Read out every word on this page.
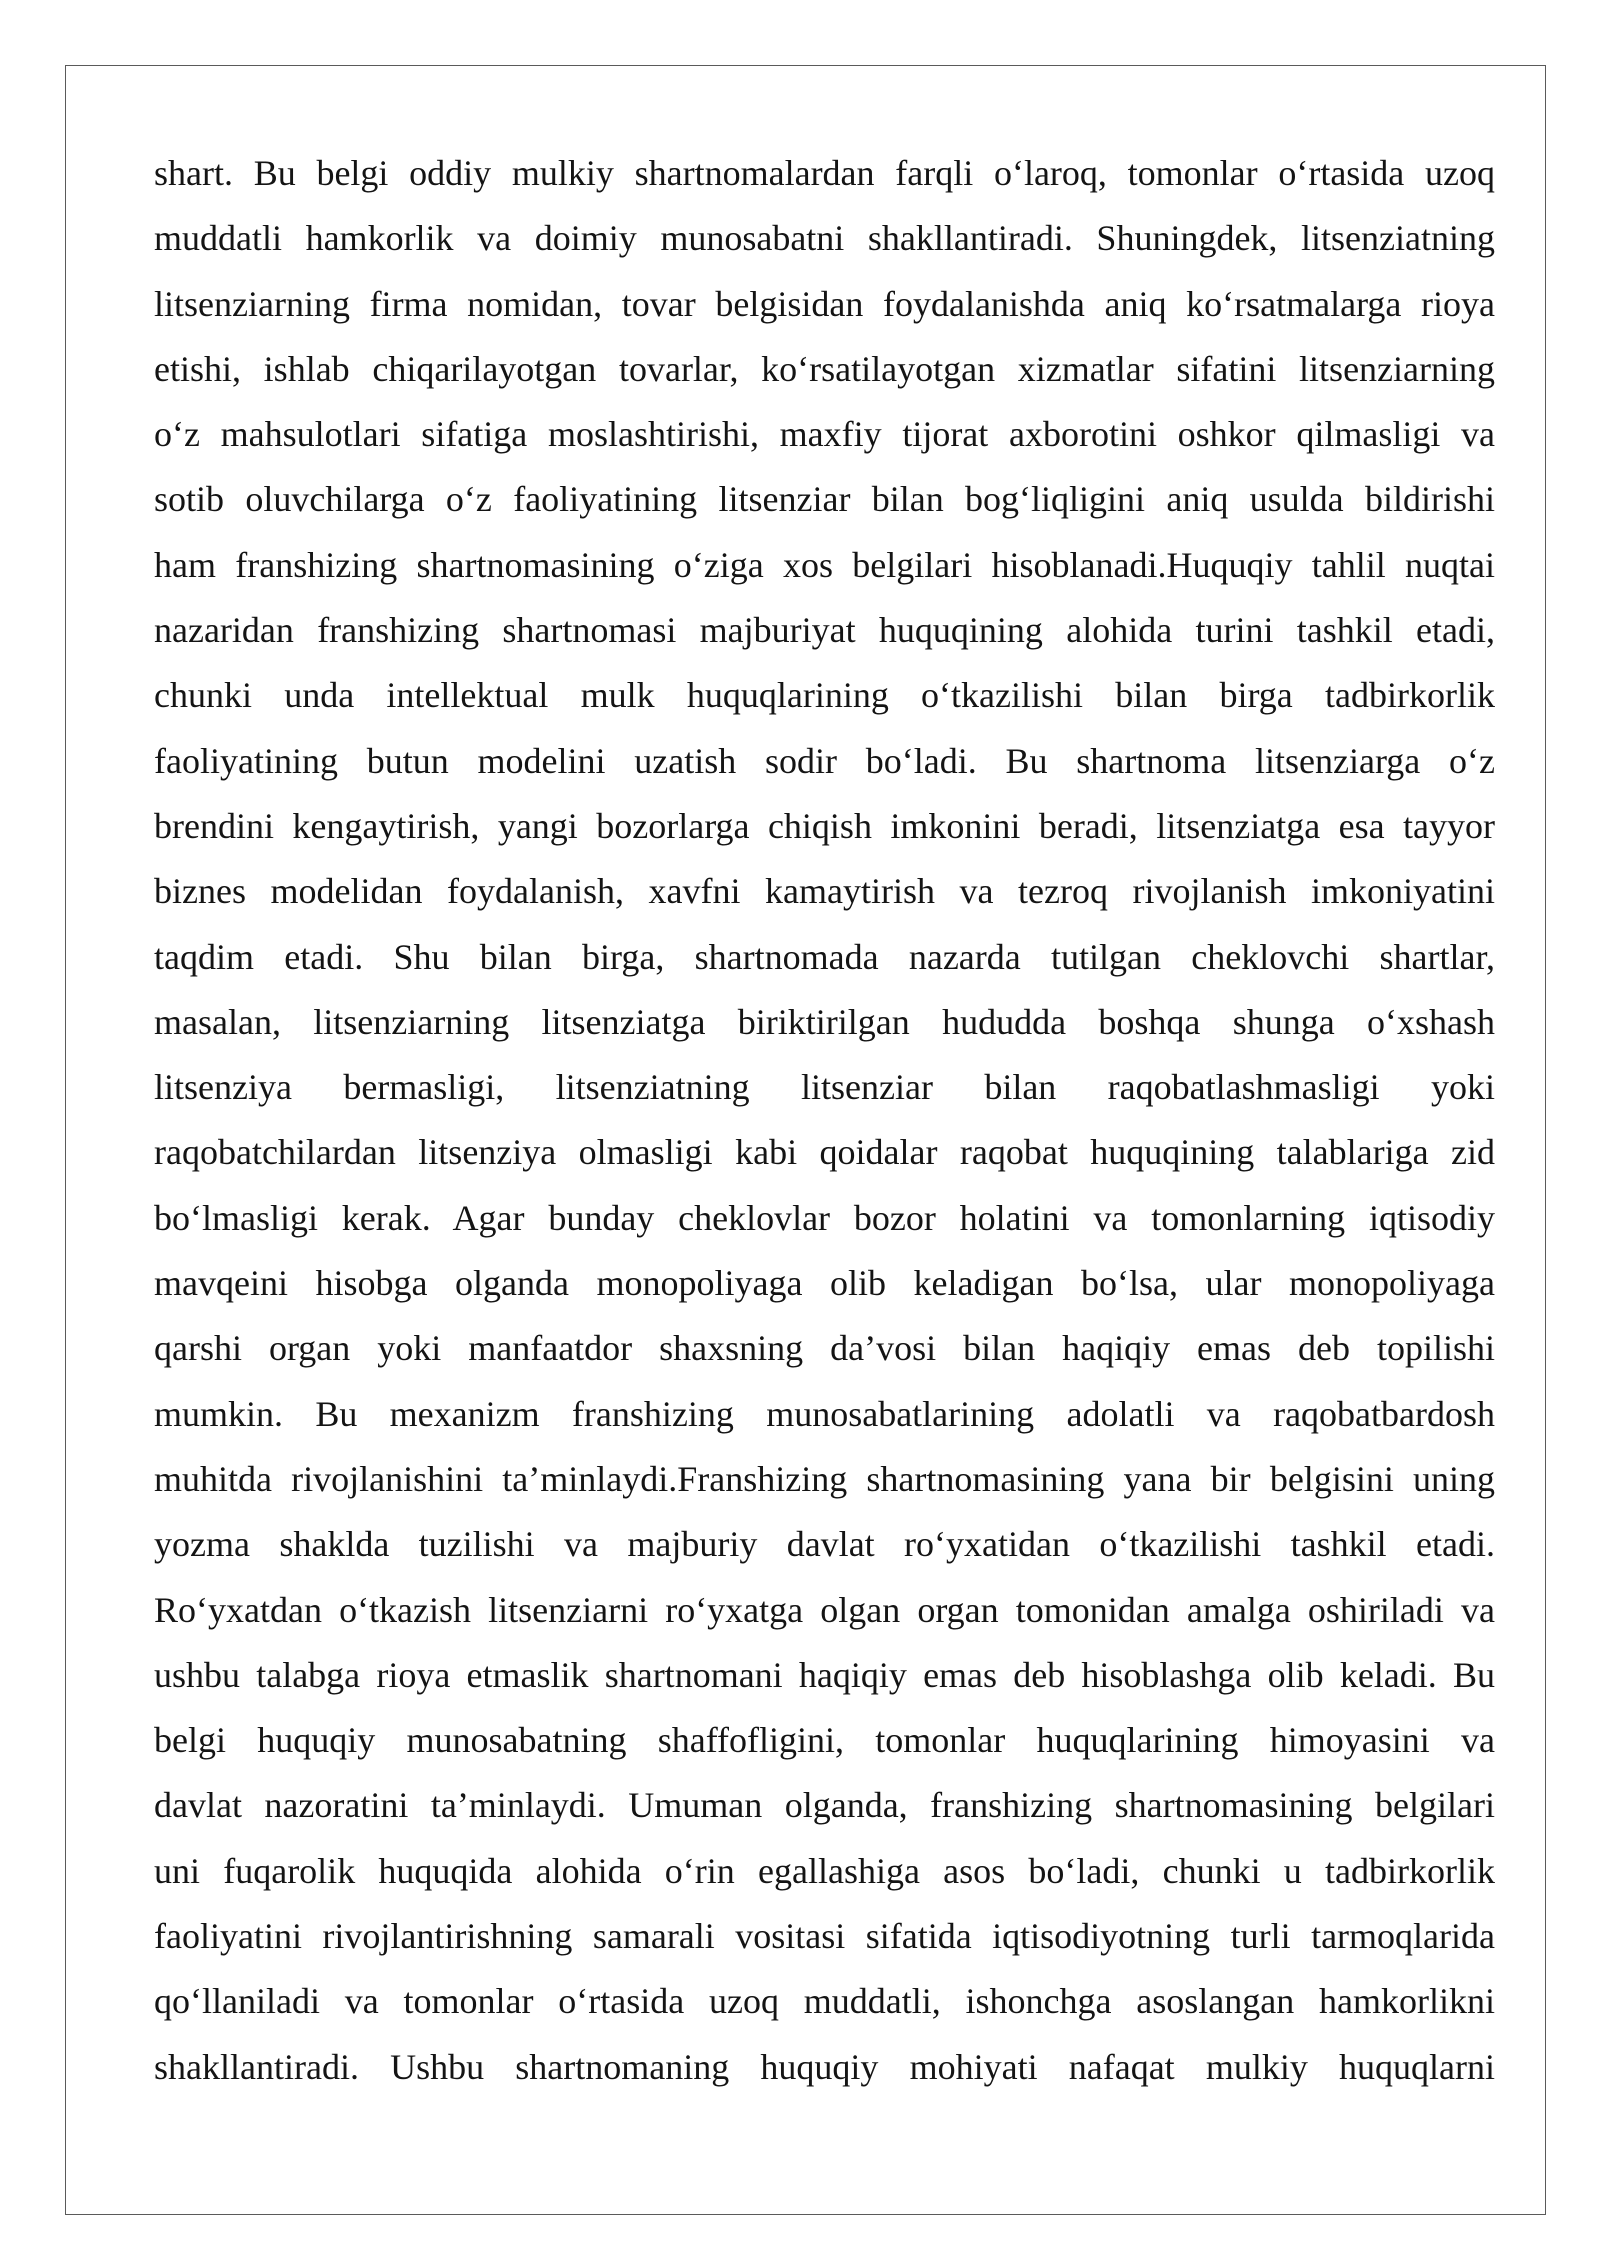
shart. Bu belgi oddiy mulkiy shartnomalardan farqli o‘laroq, tomonlar o‘rtasida uzoq
muddatli hamkorlik va doimiy munosabatni shakllantiradi. Shuningdek, litsenziatning
litsenziarning firma nomidan, tovar belgisidan foydalanishda aniq ko‘rsatmalarga rioya
etishi, ishlab chiqarilayotgan tovarlar, ko‘rsatilayotgan xizmatlar sifatini litsenziarning
o‘z mahsulotlari sifatiga moslashtirishi, maxfiy tijorat axborotini oshkor qilmasligi va
sotib oluvchilarga o‘z faoliyatining litsenziar bilan bog‘liqligini aniq usulda bildirishi
ham franshizing shartnomasining o‘ziga xos belgilari hisoblanadi.Huquqiy tahlil nuqtai
nazaridan franshizing shartnomasi majburiyat huquqining alohida turini tashkil etadi,
chunki unda intellektual mulk huquqlarining o‘tkazilishi bilan birga tadbirkorlik
faoliyatining butun modelini uzatish sodir bo‘ladi. Bu shartnoma litsenziarga o‘z
brendini kengaytirish, yangi bozorlarga chiqish imkonini beradi, litsenziatga esa tayyor
biznes modelidan foydalanish, xavfni kamaytirish va tezroq rivojlanish imkoniyatini
taqdim etadi. Shu bilan birga, shartnomada nazarda tutilgan cheklovchi shartlar,
masalan, litsenziarning litsenziatga biriktirilgan hududda boshqa shunga o‘xshash
litsenziya bermasligi, litsenziatning litsenziar bilan raqobatlashmasligi yoki
raqobatchilardan litsenziya olmasligi kabi qoidalar raqobat huquqining talablariga zid
bo‘lmasligi kerak. Agar bunday cheklovlar bozor holatini va tomonlarning iqtisodiy
mavqeini hisobga olganda monopoliyaga olib keladigan bo‘lsa, ular monopoliyaga
qarshi organ yoki manfaatdor shaxsning da’vosi bilan haqiqiy emas deb topilishi
mumkin. Bu mexanizm franshizing munosabatlarining adolatli va raqobatbardosh
muhitda rivojlanishini ta’minlaydi.Franshizing shartnomasining yana bir belgisini uning
yozma shaklda tuzilishi va majburiy davlat ro‘yxatidan o‘tkazilishi tashkil etadi.
Ro‘yxatdan o‘tkazish litsenziarni ro‘yxatga olgan organ tomonidan amalga oshiriladi va
ushbu talabga rioya etmaslik shartnomani haqiqiy emas deb hisoblashga olib keladi. Bu
belgi huquqiy munosabatning shaffofligini, tomonlar huquqlarining himoyasini va
davlat nazoratini ta’minlaydi. Umuman olganda, franshizing shartnomasining belgilari
uni fuqarolik huquqida alohida o‘rin egallashiga asos bo‘ladi, chunki u tadbirkorlik
faoliyatini rivojlantirishning samarali vositasi sifatida iqtisodiyotning turli tarmoqlarida
qo‘llaniladi va tomonlar o‘rtasida uzoq muddatli, ishonchga asoslangan hamkorlikni
shakllantiradi. Ushbu shartnomaning huquqiy mohiyati nafaqat mulkiy huquqlarni
